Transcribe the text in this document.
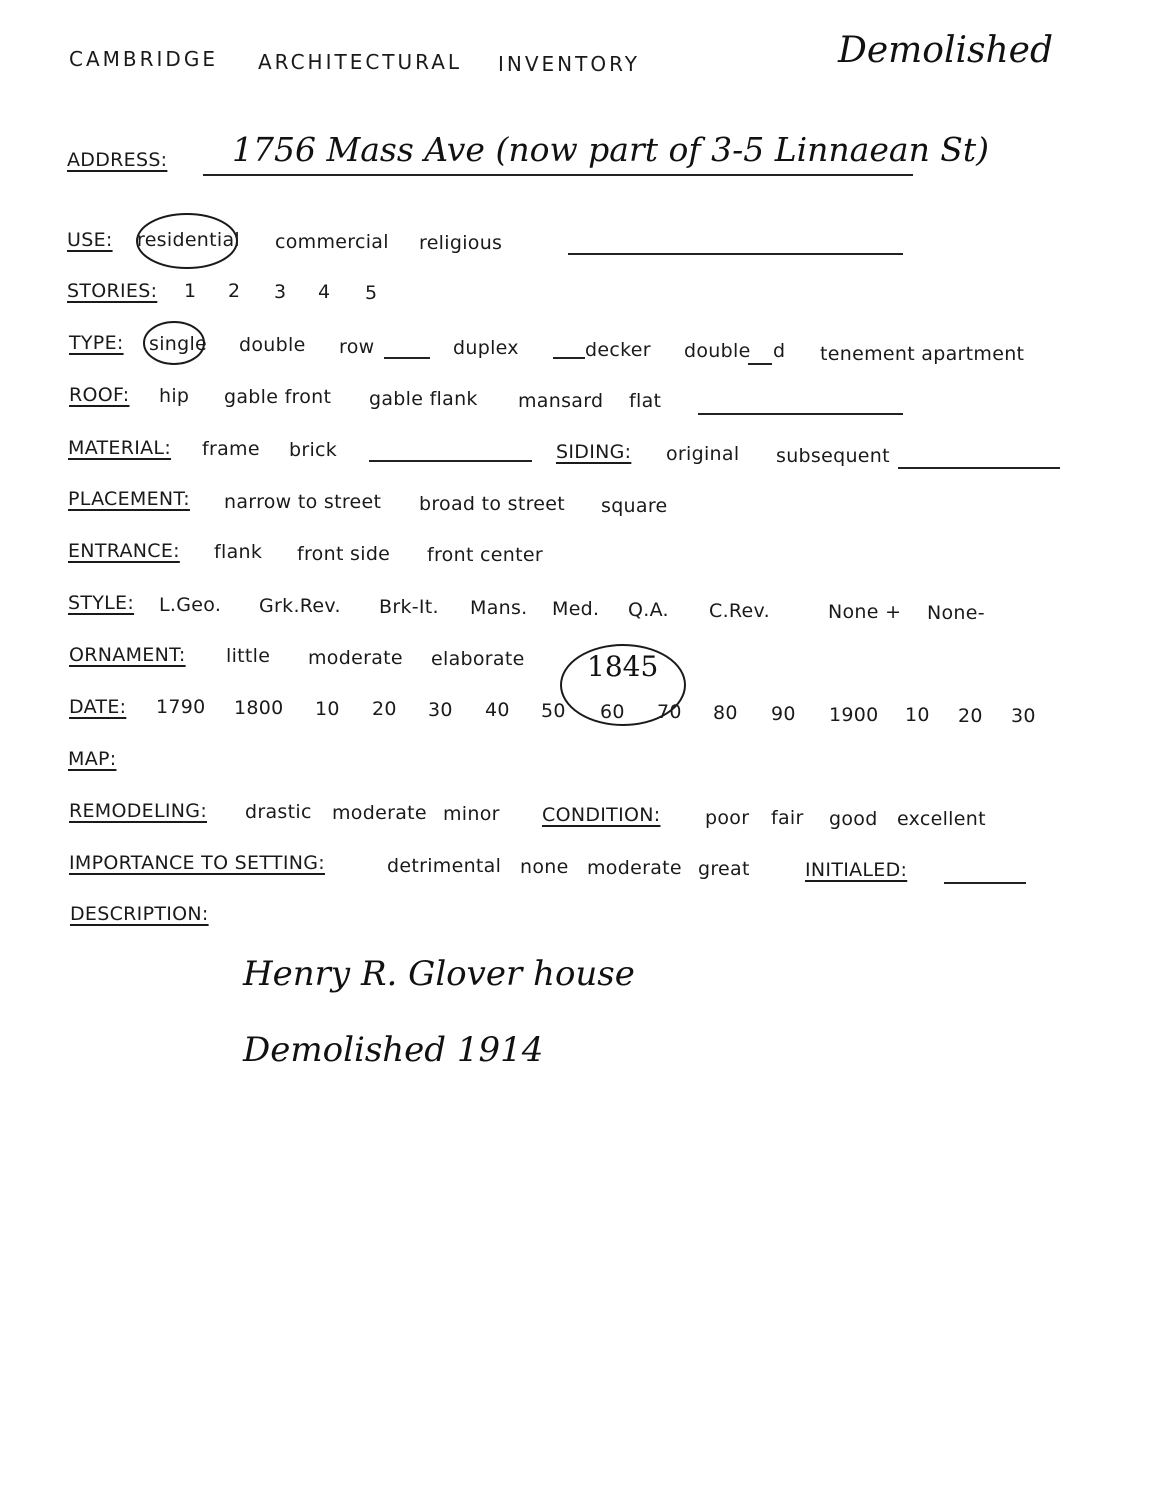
CAMBRIDGE ARCHITECTURAL INVENTORY	Demolished
ADDRESS: 1756 Mass Ave (now part of 3-5 Linnaean St)
USE: residential commercial religious
STORIES: 1 2 3 4 5
TYPE: single double row	duplex	decker double d tenement apartment
ROOF: hip gable front gable flank mansard flat
MATERIAL: frame brick	SIDING: original subsequent
PLACEMENT: narrow to street broad to street square
ENTRANCE: flank front side front center
STYLE: L.Geo. Grk.Rev. Brk-It. Mans. Med. Q.A. C.Rev.	None + None-
ORNAMENT: little moderate elaborate
DATE: 1790 1800 10 20 30 40 50 60 70 80 90 1900 10 20 30
1845
MAP:
REMODELING: drastic moderate minor CONDITION: poor fair good excellent
IMPORTANCE TO SETTING:	detrimental none moderate great	INITIALED:
DESCRIPTION:
Henry R. Glover house
Demolished 1914
